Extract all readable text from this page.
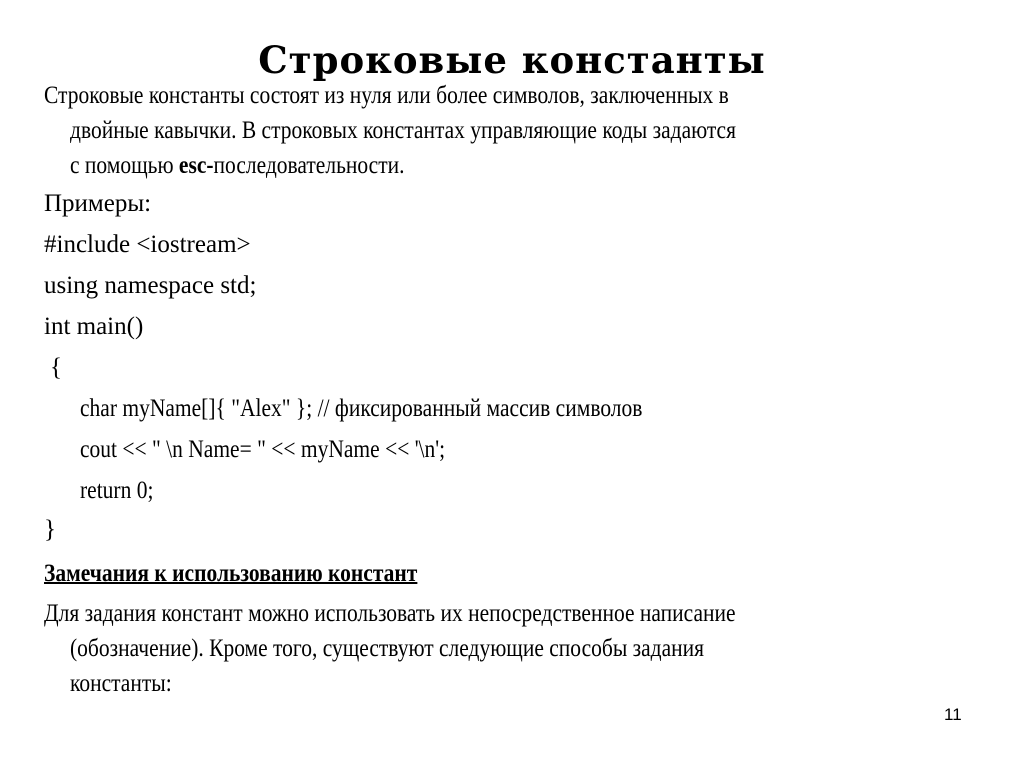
Строковые константы
Строковые константы состоят из нуля или более символов, заключенных в
двойные кавычки. В строковых константах управляющие коды задаются
с помощью esc-последовательности.
Примеры:
#include <iostream>
using namespace std;
int main()
{
char myName[]{ "Alex" }; // фиксированный массив символов
cout << " \n Name= " << myName << '\n';
return 0;
}
Замечания к использованию констант
Для задания констант можно использовать их непосредственное написание
(обозначение). Кроме того, существуют следующие способы задания
константы:
11
